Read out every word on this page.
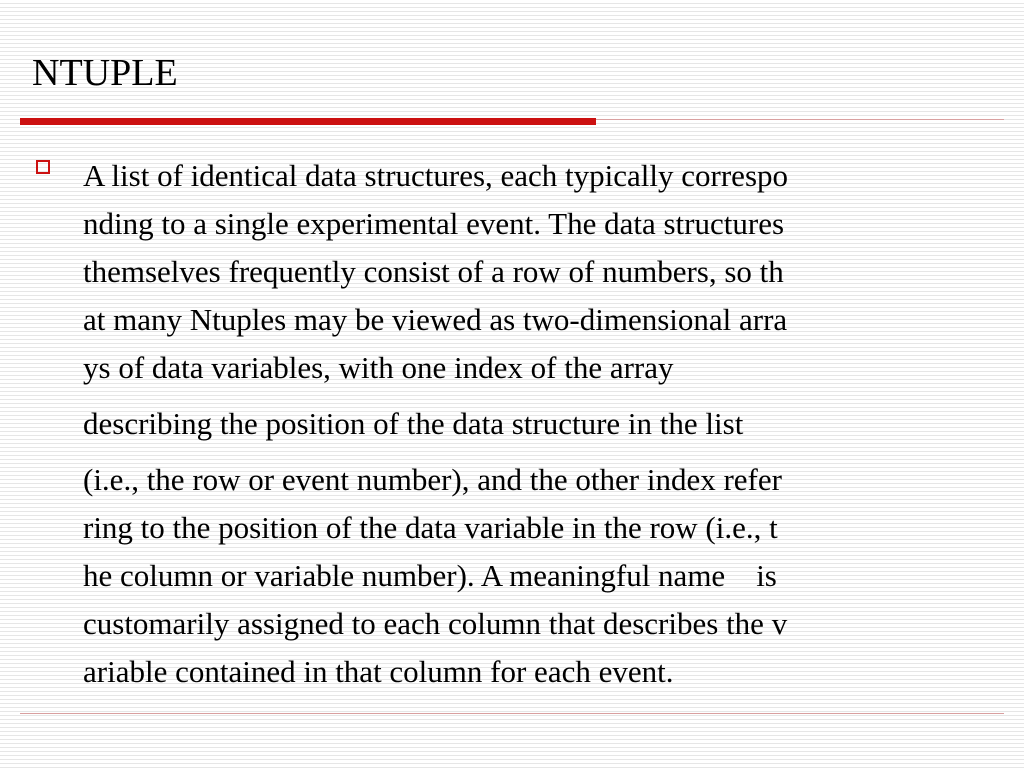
NTUPLE
A list of identical data structures, each typically correspo
nding to a single experimental event. The data structures
themselves frequently consist of a row of numbers, so th
at many Ntuples may be viewed as two-dimensional arra
ys of data variables, with one index of the array
describing the position of the data structure in the list
(i.e., the row or event number), and the other index refer
ring to the position of the data variable in the row (i.e., t
he column or variable number). A meaningful name    is
customarily assigned to each column that describes the v
ariable contained in that column for each event.
